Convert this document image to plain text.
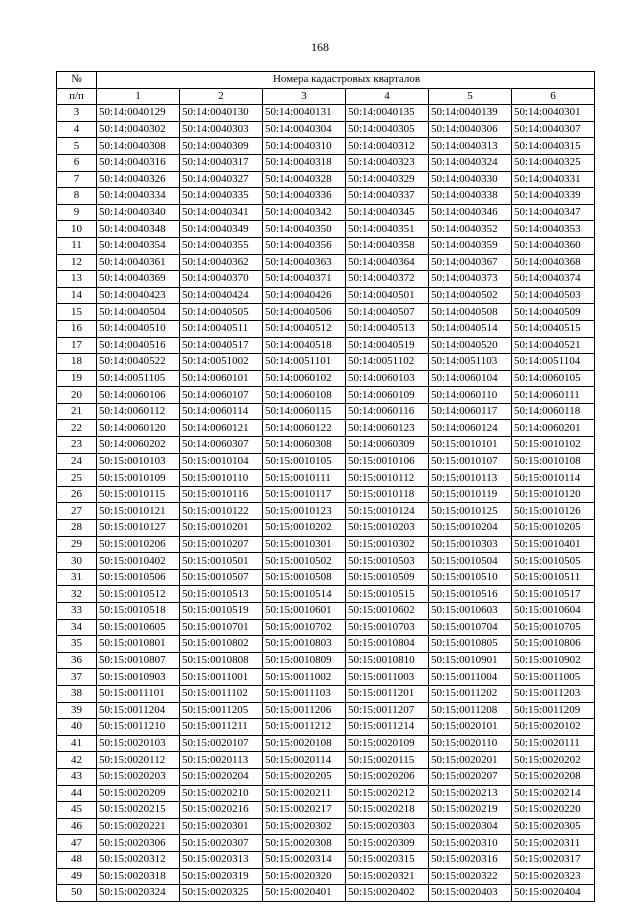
168
№	Номера кадастровых кварталов					
п/п	1	2	3	4	5	6
3	50:14:0040129	50:14:0040130	50:14:0040131	50:14:0040135	50:14:0040139	50:14:0040301
4	50:14:0040302	50:14:0040303	50:14:0040304	50:14:0040305	50:14:0040306	50:14:0040307
5	50:14:0040308	50:14:0040309	50:14:0040310	50:14:0040312	50:14:0040313	50:14:0040315
6	50:14:0040316	50:14:0040317	50:14:0040318	50:14:0040323	50:14:0040324	50:14:0040325
7	50:14:0040326	50:14:0040327	50:14:0040328	50:14:0040329	50:14:0040330	50:14:0040331
8	50:14:0040334	50:14:0040335	50:14:0040336	50:14:0040337	50:14:0040338	50:14:0040339
9	50:14:0040340	50:14:0040341	50:14:0040342	50:14:0040345	50:14:0040346	50:14:0040347
10	50:14:0040348	50:14:0040349	50:14:0040350	50:14:0040351	50:14:0040352	50:14:0040353
11	50:14:0040354	50:14:0040355	50:14:0040356	50:14:0040358	50:14:0040359	50:14:0040360
12	50:14:0040361	50:14:0040362	50:14:0040363	50:14:0040364	50:14:0040367	50:14:0040368
13	50:14:0040369	50:14:0040370	50:14:0040371	50:14:0040372	50:14:0040373	50:14:0040374
14	50:14:0040423	50:14:0040424	50:14:0040426	50:14:0040501	50:14:0040502	50:14:0040503
15	50:14:0040504	50:14:0040505	50:14:0040506	50:14:0040507	50:14:0040508	50:14:0040509
16	50:14:0040510	50:14:0040511	50:14:0040512	50:14:0040513	50:14:0040514	50:14:0040515
17	50:14:0040516	50:14:0040517	50:14:0040518	50:14:0040519	50:14:0040520	50:14:0040521
18	50:14:0040522	50:14:0051002	50:14:0051101	50:14:0051102	50:14:0051103	50:14:0051104
19	50:14:0051105	50:14:0060101	50:14:0060102	50:14:0060103	50:14:0060104	50:14:0060105
20	50:14:0060106	50:14:0060107	50:14:0060108	50:14:0060109	50:14:0060110	50:14:0060111
21	50:14:0060112	50:14:0060114	50:14:0060115	50:14:0060116	50:14:0060117	50:14:0060118
22	50:14:0060120	50:14:0060121	50:14:0060122	50:14:0060123	50:14:0060124	50:14:0060201
23	50:14:0060202	50:14:0060307	50:14:0060308	50:14:0060309	50:15:0010101	50:15:0010102
24	50:15:0010103	50:15:0010104	50:15:0010105	50:15:0010106	50:15:0010107	50:15:0010108
25	50:15:0010109	50:15:0010110	50:15:0010111	50:15:0010112	50:15:0010113	50:15:0010114
26	50:15:0010115	50:15:0010116	50:15:0010117	50:15:0010118	50:15:0010119	50:15:0010120
27	50:15:0010121	50:15:0010122	50:15:0010123	50:15:0010124	50:15:0010125	50:15:0010126
28	50:15:0010127	50:15:0010201	50:15:0010202	50:15:0010203	50:15:0010204	50:15:0010205
29	50:15:0010206	50:15:0010207	50:15:0010301	50:15:0010302	50:15:0010303	50:15:0010401
30	50:15:0010402	50:15:0010501	50:15:0010502	50:15:0010503	50:15:0010504	50:15:0010505
31	50:15:0010506	50:15:0010507	50:15:0010508	50:15:0010509	50:15:0010510	50:15:0010511
32	50:15:0010512	50:15:0010513	50:15:0010514	50:15:0010515	50:15:0010516	50:15:0010517
33	50:15:0010518	50:15:0010519	50:15:0010601	50:15:0010602	50:15:0010603	50:15:0010604
34	50:15:0010605	50:15:0010701	50:15:0010702	50:15:0010703	50:15:0010704	50:15:0010705
35	50:15:0010801	50:15:0010802	50:15:0010803	50:15:0010804	50:15:0010805	50:15:0010806
36	50:15:0010807	50:15:0010808	50:15:0010809	50:15:0010810	50:15:0010901	50:15:0010902
37	50:15:0010903	50:15:0011001	50:15:0011002	50:15:0011003	50:15:0011004	50:15:0011005
38	50:15:0011101	50:15:0011102	50:15:0011103	50:15:0011201	50:15:0011202	50:15:0011203
39	50:15:0011204	50:15:0011205	50:15:0011206	50:15:0011207	50:15:0011208	50:15:0011209
40	50:15:0011210	50:15:0011211	50:15:0011212	50:15:0011214	50:15:0020101	50:15:0020102
41	50:15:0020103	50:15:0020107	50:15:0020108	50:15:0020109	50:15:0020110	50:15:0020111
42	50:15:0020112	50:15:0020113	50:15:0020114	50:15:0020115	50:15:0020201	50:15:0020202
43	50:15:0020203	50:15:0020204	50:15:0020205	50:15:0020206	50:15:0020207	50:15:0020208
44	50:15:0020209	50:15:0020210	50:15:0020211	50:15:0020212	50:15:0020213	50:15:0020214
45	50:15:0020215	50:15:0020216	50:15:0020217	50:15:0020218	50:15:0020219	50:15:0020220
46	50:15:0020221	50:15:0020301	50:15:0020302	50:15:0020303	50:15:0020304	50:15:0020305
47	50:15:0020306	50:15:0020307	50:15:0020308	50:15:0020309	50:15:0020310	50:15:0020311
48	50:15:0020312	50:15:0020313	50:15:0020314	50:15:0020315	50:15:0020316	50:15:0020317
49	50:15:0020318	50:15:0020319	50:15:0020320	50:15:0020321	50:15:0020322	50:15:0020323
50	50:15:0020324	50:15:0020325	50:15:0020401	50:15:0020402	50:15:0020403	50:15:0020404
